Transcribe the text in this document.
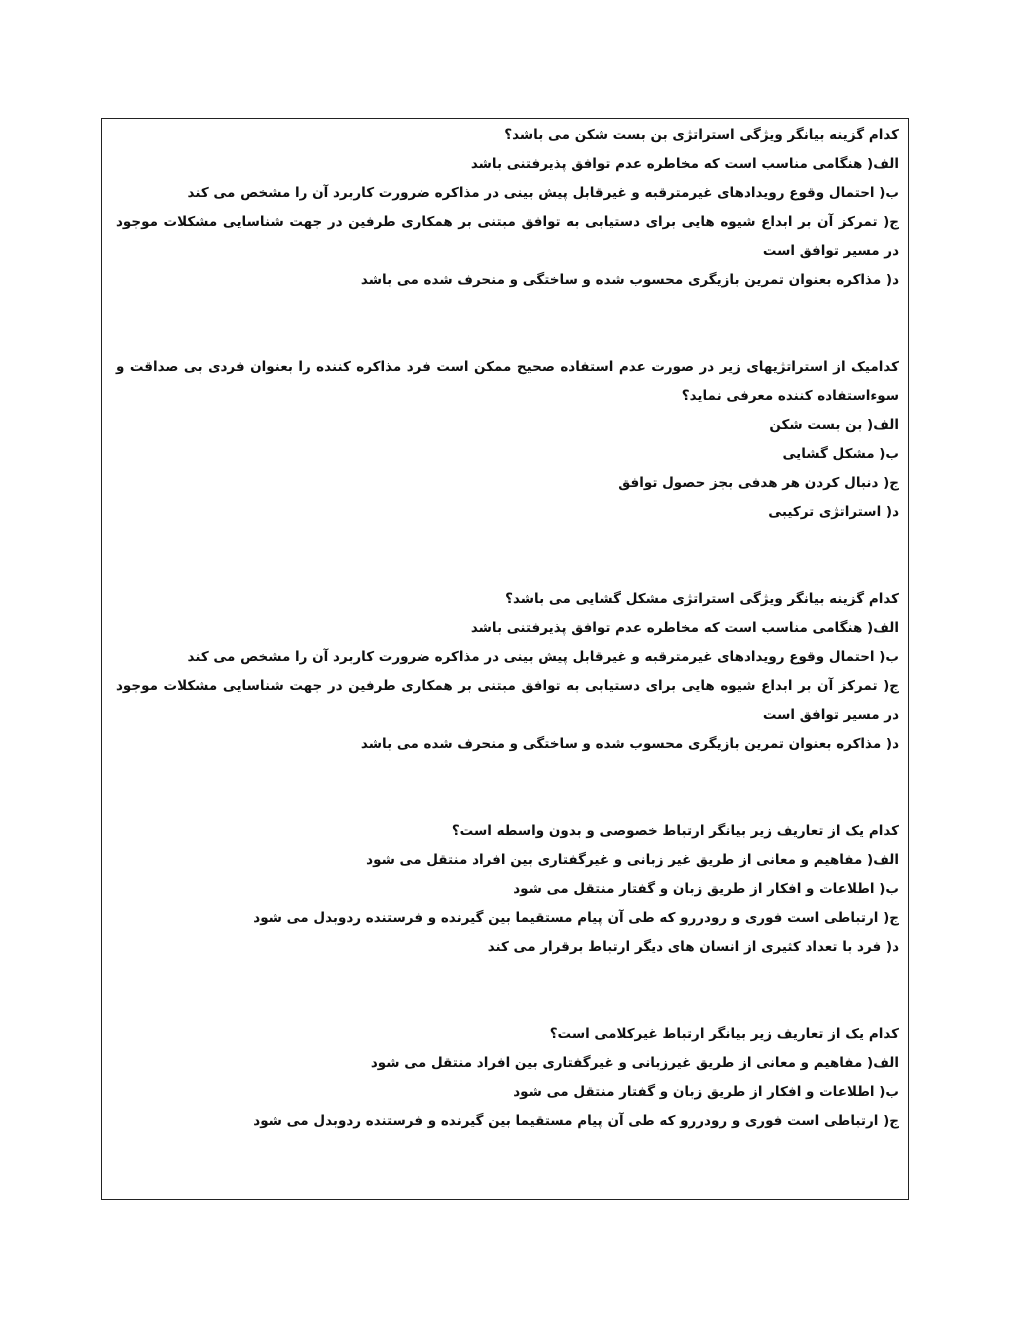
کدام گزینه بیانگر ویژگی استراتژی بن بست شکن می باشد؟
الف( هنگامی مناسب است که مخاطره عدم توافق پذیرفتنی باشد
ب( احتمال وقوع رویدادهای غیرمترقبه و غیرقابل پیش بینی در مذاکره ضرورت کاربرد آن را مشخص می کند
ج( تمرکز آن بر ابداع شیوه هایی برای دستیابی به توافق مبتنی بر همکاری طرفین در جهت شناسایی مشکلات موجود در مسیر توافق است
د( مذاکره بعنوان تمرین بازیگری محسوب شده و ساختگی و منحرف شده می باشد
کدامیک از استراتژیهای زیر در صورت عدم استفاده صحیح ممکن است فرد مذاکره کننده را بعنوان فردی بی صداقت و سوءاستفاده کننده معرفی نماید؟
الف( بن بست شکن
ب( مشکل گشایی
ج( دنبال کردن هر هدفی بجز حصول توافق
د( استراتژی ترکیبی
کدام گزینه بیانگر ویژگی استراتژی مشکل گشایی می باشد؟
الف( هنگامی مناسب است که مخاطره عدم توافق پذیرفتنی باشد
ب( احتمال وقوع رویدادهای غیرمترقبه و غیرقابل پیش بینی در مذاکره ضرورت کاربرد آن را مشخص می کند
ج( تمرکز آن بر ابداع شیوه هایی برای دستیابی به توافق مبتنی بر همکاری طرفین در جهت شناسایی مشکلات موجود در مسیر توافق است
د( مذاکره بعنوان تمرین بازیگری محسوب شده و ساختگی و منحرف شده می باشد
کدام یک از تعاریف زیر بیانگر ارتباط خصوصی و بدون واسطه است؟
الف( مفاهیم و معانی از طریق غیر زبانی و غیرگفتاری بین افراد منتقل می شود
ب( اطلاعات و افکار از طریق زبان و گفتار منتقل می شود
ج( ارتباطی است فوری و رودررو که طی آن پیام مستقیما بین گیرنده و فرستنده ردوبدل می شود
د( فرد با تعداد کثیری از انسان های دیگر ارتباط برقرار می کند
کدام یک از تعاریف زیر بیانگر ارتباط غیرکلامی است؟
الف( مفاهیم و معانی از طریق غیرزبانی و غیرگفتاری بین افراد منتقل می شود
ب( اطلاعات و افکار از طریق زبان و گفتار منتقل می شود
ج( ارتباطی است فوری و رودررو که طی آن پیام مستقیما بین گیرنده و فرستنده ردوبدل می شود
